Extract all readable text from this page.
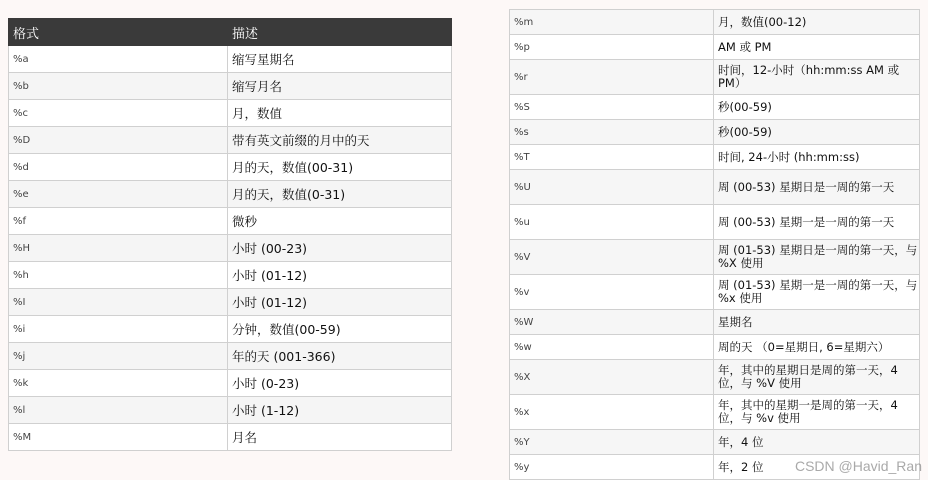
格式	描述
%a	缩写星期名
%b	缩写月名
%c	月，数值
%D	带有英文前缀的月中的天
%d	月的天，数值(00-31)
%e	月的天，数值(0-31)
%f	微秒
%H	小时 (00-23)
%h	小时 (01-12)
%I	小时 (01-12)
%i	分钟，数值(00-59)
%j	年的天 (001-366)
%k	小时 (0-23)
%l	小时 (1-12)
%M	月名
%m	月，数值(00-12)
%p	AM 或 PM
%r	时间，12-小时（hh:mm:ss AM 或 PM）
%S	秒(00-59)
%s	秒(00-59)
%T	时间, 24-小时 (hh:mm:ss)
%U	周 (00-53) 星期日是一周的第一天
%u	周 (00-53) 星期一是一周的第一天
%V	周 (01-53) 星期日是一周的第一天，与 %X 使用
%v	周 (01-53) 星期一是一周的第一天，与 %x 使用
%W	星期名
%w	周的天 （0=星期日, 6=星期六）
%X	年，其中的星期日是周的第一天，4 位，与 %V 使用
%x	年，其中的星期一是周的第一天，4 位，与 %v 使用
%Y	年，4 位
%y	年，2 位 CSDN @Havid_Ran
